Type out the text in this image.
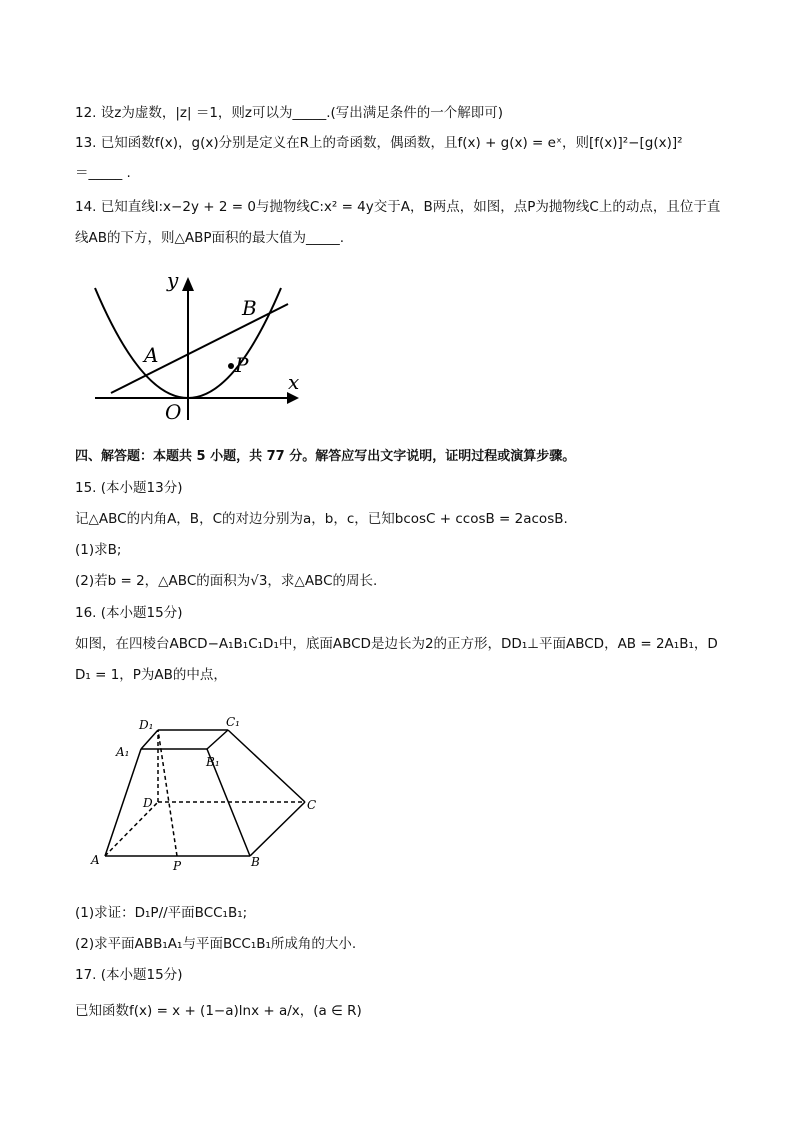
12. 设z为虚数，|z| ＝1，则z可以为_____.(写出满足条件的一个解即可)
13. 已知函数f(x)，g(x)分别是定义在R上的奇函数，偶函数，且f(x) + g(x) = eˣ，则[f(x)]²−[g(x)]²
＝_____ .
14. 已知直线l:x−2y + 2 = 0与抛物线C:x² = 4y交于A，B两点，如图，点P为抛物线C上的动点，且位于直
线AB的下方，则△ABP面积的最大值为_____.
y
x
A
B
P
O
四、解答题：本题共 5 小题，共 77 分。解答应写出文字说明，证明过程或演算步骤。
15. (本小题13分)
记△ABC的内角A，B，C的对边分别为a，b，c，已知bcosC + ccosB = 2acosB.
(1)求B;
(2)若b = 2，△ABC的面积为√3，求△ABC的周长.
16. (本小题15分)
如图，在四棱台ABCD−A₁B₁C₁D₁中，底面ABCD是边长为2的正方形，DD₁⊥平面ABCD，AB = 2A₁B₁，D
D₁ = 1，P为AB的中点，
D₁	C₁
A₁
B₁
D	C
A	P	B
(1)求证：D₁P//平面BCC₁B₁;
(2)求平面ABB₁A₁与平面BCC₁B₁所成角的大小.
17. (本小题15分)
已知函数f(x) = x + (1−a)lnx + a/x，(a ∈ R)
